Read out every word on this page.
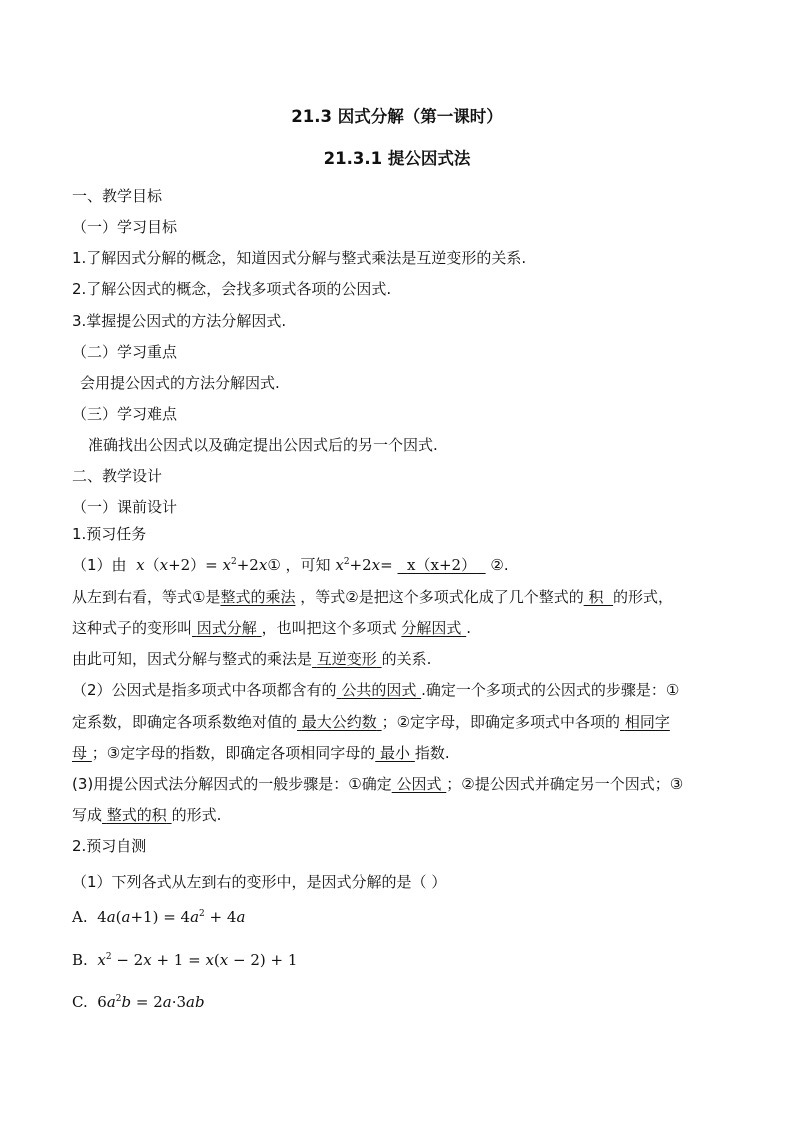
21.3 因式分解（第一课时）
21.3.1 提公因式法
一、教学目标
（一）学习目标
1.了解因式分解的概念，知道因式分解与整式乘法是互逆变形的关系.
2.了解公因式的概念，会找多项式各项的公因式.
3.掌握提公因式的方法分解因式.
（二）学习重点
会用提公因式的方法分解因式.
（三）学习难点
准确找出公因式以及确定提出公因式后的另一个因式.
二、教学设计
（一）课前设计
1.预习任务
（1）由 $x(x+2)= x^2+2x①$ ，可知 $x^2+2x= x(x+2)$ ②.
从左到右看，等式①是整式的乘法 ，等式②是把这个多项式化成了几个整式的 积 的形式，
这种式子的变形叫 因式分解 ，也叫把这个多项式 分解因式 .
由此可知，因式分解与整式的乘法是 互逆变形 的关系.
（2）公因式是指多项式中各项都含有的 公共的因式 .确定一个多项式的公因式的步骤是：①
定系数，即确定各项系数绝对值的 最大公约数 ；②定字母，即确定多项式中各项的 相同字
母 ；③定字母的指数，即确定各项相同字母的 最小 指数.
(3)用提公因式法分解因式的一般步骤是：①确定 公因式 ；②提公因式并确定另一个因式；③
写成 整式的积 的形式.
2.预习自测
（1）下列各式从左到右的变形中，是因式分解的是（ ）
A. $4a(a+1) = 4a^2 + 4a$
B. $x^2 - 2x + 1 = x(x - 2) + 1$
C. $6a^2b = 2a\cdot 3ab$
